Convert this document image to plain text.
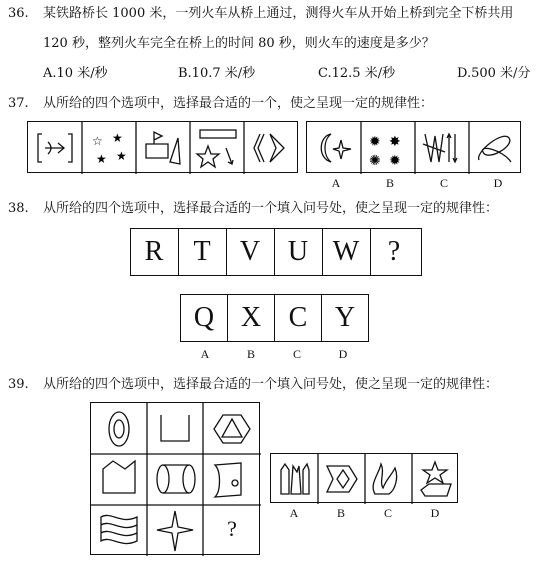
36. 某铁路桥长 1000 米，一列火车从桥上通过，测得火车从开始上桥到完全下桥共用
120 秒，整列火车完全在桥上的时间 80 秒，则火车的速度是多少？
A.10 米/秒	B.10.7 米/秒	C.12.5 米/秒	D.500 米/分
37. 从所给的四个选项中，选择最合适的一个，使之呈现一定的规律性：
☆ ★
★ ★
✹ ✸
✺ ✹
A	B	C	D
38. 从所给的四个选项中，选择最合适的一个填入问号处，使之呈现一定的规律性：
R	T	V U W	?
Q X C Y
A	B	C	D
39. 从所给的四个选项中，选择最合适的一个填入问号处，使之呈现一定的规律性：
?
A	B	C	D
